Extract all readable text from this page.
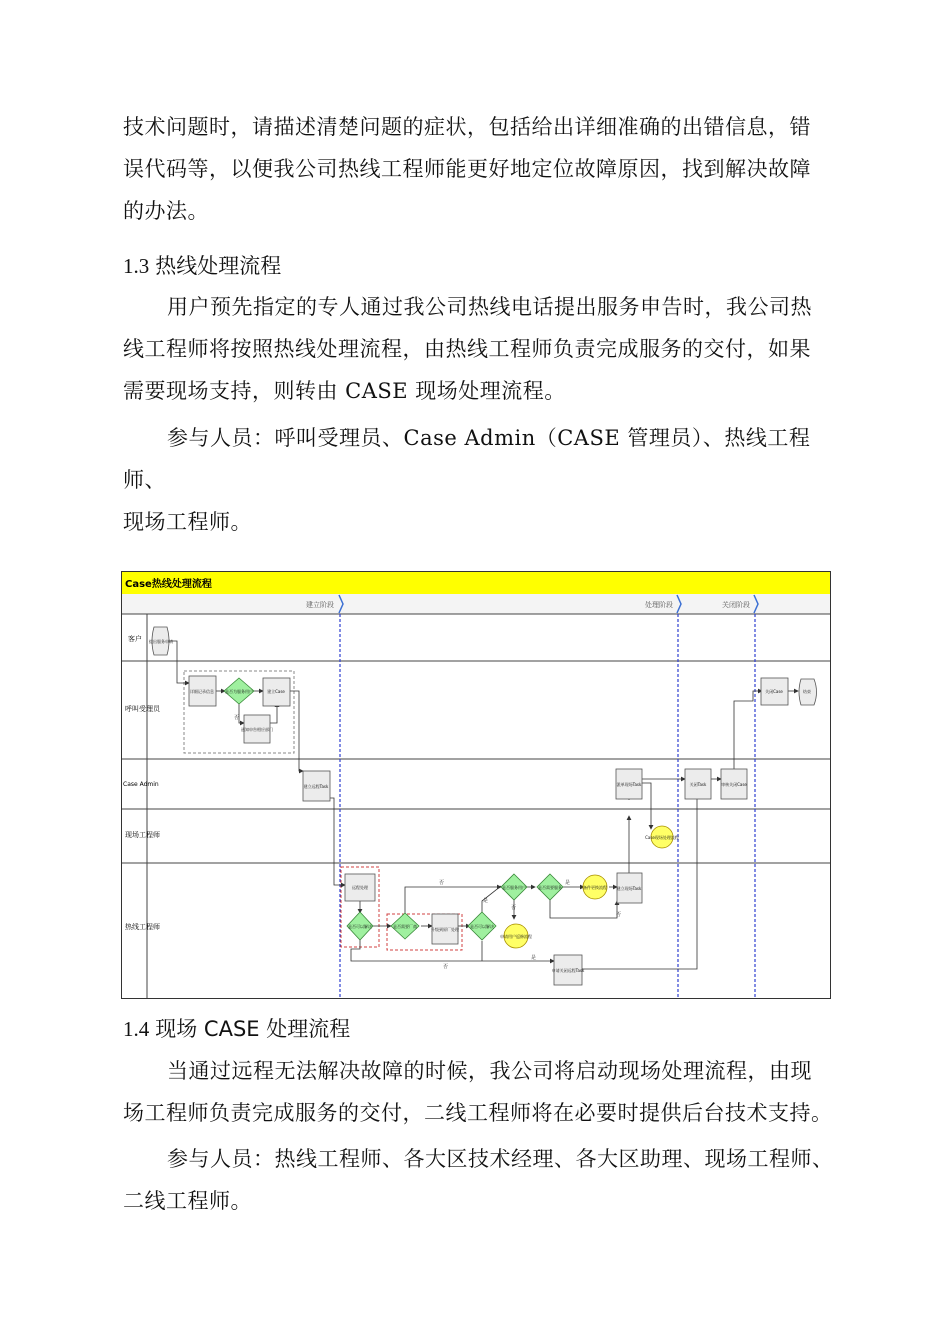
技术问题时，请描述清楚问题的症状，包括给出详细准确的出错信息，错
误代码等，以便我公司热线工程师能更好地定位故障原因，找到解决故障
的办法。
1.3 热线处理流程
用户预先指定的专人通过我公司热线电话提出服务申告时，我公司热
线工程师将按照热线处理流程，由热线工程师负责完成服务的交付，如果
需要现场支持，则转由 CASE 现场处理流程。
参与人员：呼叫受理员、Case Admin（CASE 管理员）、热线工程师、
现场工程师。
Case热线处理流程
建立阶段	处理阶段	关闭阶段
客户
呼叫受理员
Case Admin
现场工程师
热线工程师
否
否	是
是
否
否
否
是
提出服务申请
详细记录信息	是否为服务用户	建立Case
通知申告相应部门
关闭Case	结束
建立远程Task	派单现场Task	关闭Task	审核关闭Case
Case现场处理流程
远程处理
是否可以解决	是否需要厂商
升级到原厂处理
是否可以解决
是否服务用户	是否需要服务	备件更换流程 建立现场Task
申请用户返修流程
申请关闭远程Task
1.4 现场 CASE 处理流程
当通过远程无法解决故障的时候，我公司将启动现场处理流程，由现
场工程师负责完成服务的交付，二线工程师将在必要时提供后台技术支持。
参与人员：热线工程师、各大区技术经理、各大区助理、现场工程师、
二线工程师。
